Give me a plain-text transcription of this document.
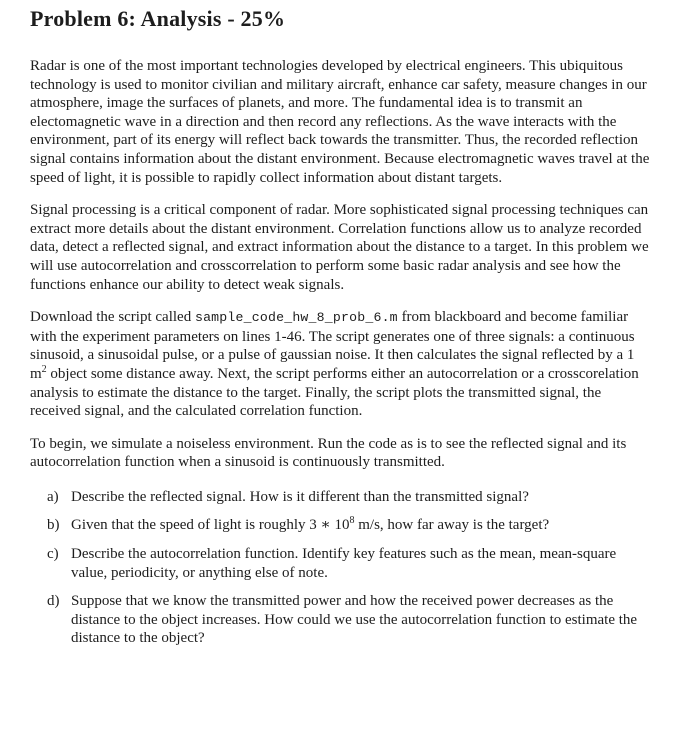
Problem 6: Analysis - 25%

Radar is one of the most important technologies developed by electrical engineers. This ubiquitous technology is used to monitor civilian and military aircraft, enhance car safety, measure changes in our atmosphere, image the surfaces of planets, and more. The fundamental idea is to transmit an electomagnetic wave in a direction and then record any reflections. As the wave interacts with the environment, part of its energy will reflect back towards the transmitter. Thus, the recorded reflection signal contains information about the distant environment. Because electromagnetic waves travel at the speed of light, it is possible to rapidly collect information about distant targets.

Signal processing is a critical component of radar. More sophisticated signal processing techniques can extract more details about the distant environment. Correlation functions allow us to analyze recorded data, detect a reflected signal, and extract information about the distance to a target. In this problem we will use autocorrelation and crosscorrelation to perform some basic radar analysis and see how the functions enhance our ability to detect weak signals.

Download the script called sample_code_hw_8_prob_6.m from blackboard and become familiar with the experiment parameters on lines 1-46. The script generates one of three signals: a continuous sinusoid, a sinusoidal pulse, or a pulse of gaussian noise. It then calculates the signal reflected by a 1 $m^2$ object some distance away. Next, the script performs either an autocorrelation or a crosscorelation analysis to estimate the distance to the target. Finally, the script plots the transmitted signal, the received signal, and the calculated correlation function.

To begin, we simulate a noiseless environment. Run the code as is to see the reflected signal and its autocorrelation function when a sinusoid is continuously transmitted.

a) Describe the reflected signal. How is it different than the transmitted signal?
b) Given that the speed of light is roughly 3 ∗ $10^8$ m/s, how far away is the target?
c) Describe the autocorrelation function. Identify key features such as the mean, mean-square value, periodicity, or anything else of note.
d) Suppose that we know the transmitted power and how the received power decreases as the distance to the object increases. How could we use the autocorrelation function to estimate the distance to the object?
